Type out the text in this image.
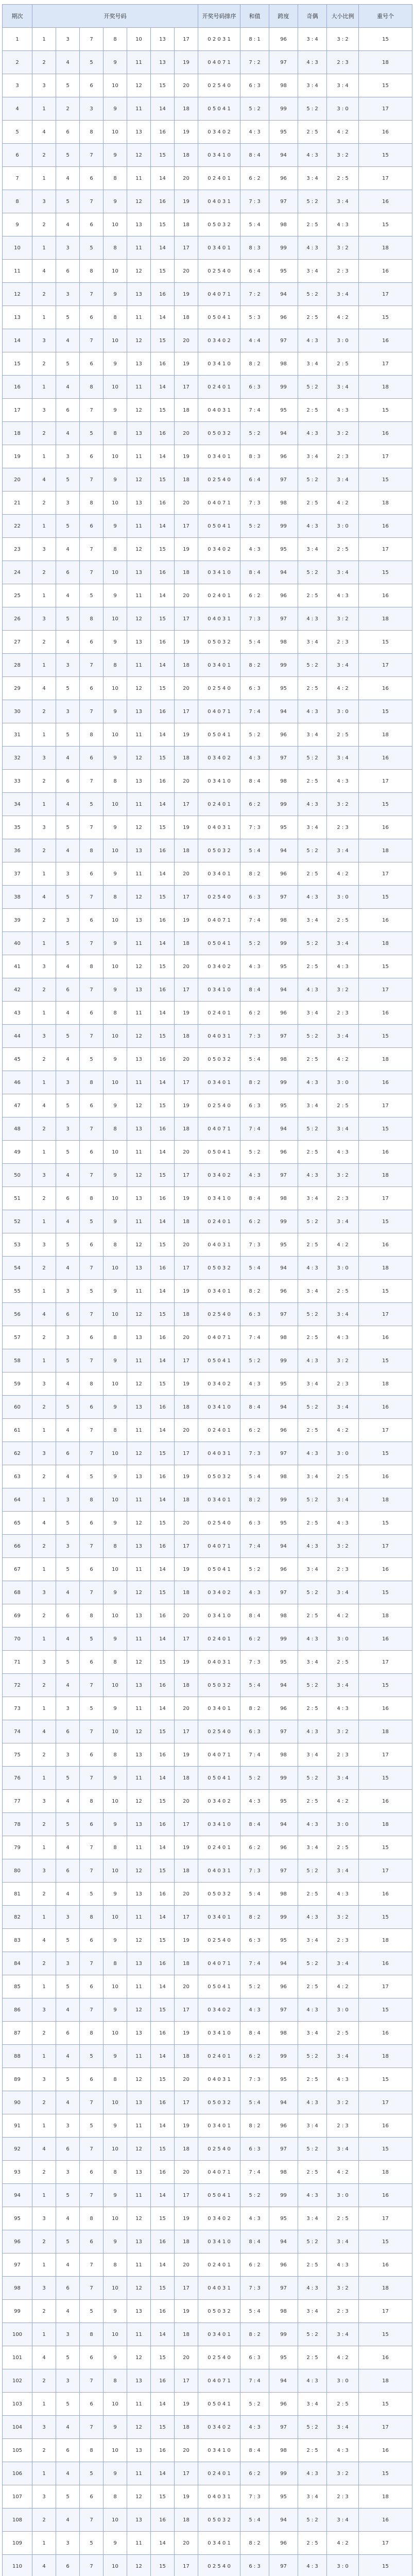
期次	开奖号码							开奖号码排序	和值	跨度	奇偶	大小比例	重号个
1	1	3	7	8	10	13	17	0 2 0 3 1	8 : 1	96	3 : 4	3 : 2	15
2	2	4	5	9	11	13	19	0 4 0 7 1	7 : 2	97	4 : 3	2 : 3	18
3	3	5	6	10	12	15	20	0 2 5 4 0	6 : 3	98	3 : 4	3 : 4	15
4	1	2	3	9	11	14	18	0 5 0 4 1	5 : 2	99	5 : 2	3 : 0	17
5	4	6	8	10	13	16	19	0 3 4 0 2	4 : 3	95	2 : 5	4 : 2	16
6	2	5	7	9	12	15	18	0 3 4 1 0	8 : 4	94	4 : 3	3 : 2	15
7	1	4	6	8	11	14	20	0 2 4 0 1	6 : 2	96	3 : 4	2 : 5	17
8	3	5	7	9	12	16	19	0 4 0 3 1	7 : 3	97	5 : 2	3 : 4	16
9	2	4	6	10	13	15	18	0 5 0 3 2	5 : 4	98	2 : 5	4 : 3	15
10	1	3	5	8	11	14	17	0 3 4 0 1	8 : 3	99	4 : 3	3 : 2	18
11	4	6	8	10	12	15	20	0 2 5 4 0	6 : 4	95	3 : 4	2 : 3	16
12	2	3	7	9	13	16	19	0 4 0 7 1	7 : 2	94	5 : 2	3 : 4	17
13	1	5	6	8	11	14	18	0 5 0 4 1	5 : 3	96	2 : 5	4 : 2	15
14	3	4	7	10	12	15	20	0 3 4 0 2	4 : 4	97	4 : 3	3 : 0	16
15	2	5	6	9	13	16	19	0 3 4 1 0	8 : 2	98	3 : 4	2 : 5	17
16	1	4	8	10	11	14	17	0 2 4 0 1	6 : 3	99	5 : 2	3 : 4	18
17	3	6	7	9	12	15	18	0 4 0 3 1	7 : 4	95	2 : 5	4 : 3	15
18	2	4	5	8	13	16	20	0 5 0 3 2	5 : 2	94	4 : 3	3 : 2	16
19	1	3	6	10	11	14	19	0 3 4 0 1	8 : 3	96	3 : 4	2 : 3	17
20	4	5	7	9	12	15	18	0 2 5 4 0	6 : 4	97	5 : 2	3 : 4	15
21	2	3	8	10	13	16	20	0 4 0 7 1	7 : 3	98	2 : 5	4 : 2	18
22	1	5	6	9	11	14	17	0 5 0 4 1	5 : 2	99	4 : 3	3 : 0	16
23	3	4	7	8	12	15	19	0 3 4 0 2	4 : 3	95	3 : 4	2 : 5	17
24	2	6	7	10	13	16	18	0 3 4 1 0	8 : 4	94	5 : 2	3 : 4	15
25	1	4	5	9	11	14	20	0 2 4 0 1	6 : 2	96	2 : 5	4 : 3	16
26	3	5	8	10	12	15	17	0 4 0 3 1	7 : 3	97	4 : 3	3 : 2	18
27	2	4	6	9	13	16	19	0 5 0 3 2	5 : 4	98	3 : 4	2 : 3	15
28	1	3	7	8	11	14	18	0 3 4 0 1	8 : 2	99	5 : 2	3 : 4	17
29	4	5	6	10	12	15	20	0 2 5 4 0	6 : 3	95	2 : 5	4 : 2	16
30	2	3	7	9	13	16	17	0 4 0 7 1	7 : 4	94	4 : 3	3 : 0	15
31	1	5	8	10	11	14	19	0 5 0 4 1	5 : 2	96	3 : 4	2 : 5	18
32	3	4	6	9	12	15	18	0 3 4 0 2	4 : 3	97	5 : 2	3 : 4	16
33	2	6	7	8	13	16	20	0 3 4 1 0	8 : 4	98	2 : 5	4 : 3	17
34	1	4	5	10	11	14	17	0 2 4 0 1	6 : 2	99	4 : 3	3 : 2	15
35	3	5	7	9	12	15	19	0 4 0 3 1	7 : 3	95	3 : 4	2 : 3	16
36	2	4	8	10	13	16	18	0 5 0 3 2	5 : 4	94	5 : 2	3 : 4	18
37	1	3	6	9	11	14	20	0 3 4 0 1	8 : 2	96	2 : 5	4 : 2	17
38	4	5	7	8	12	15	17	0 2 5 4 0	6 : 3	97	4 : 3	3 : 0	15
39	2	3	6	10	13	16	19	0 4 0 7 1	7 : 4	98	3 : 4	2 : 5	16
40	1	5	7	9	11	14	18	0 5 0 4 1	5 : 2	99	5 : 2	3 : 4	18
41	3	4	8	10	12	15	20	0 3 4 0 2	4 : 3	95	2 : 5	4 : 3	15
42	2	6	7	9	13	16	17	0 3 4 1 0	8 : 4	94	4 : 3	3 : 2	17
43	1	4	6	8	11	14	19	0 2 4 0 1	6 : 2	96	3 : 4	2 : 3	16
44	3	5	7	10	12	15	18	0 4 0 3 1	7 : 3	97	5 : 2	3 : 4	15
45	2	4	5	9	13	16	20	0 5 0 3 2	5 : 4	98	2 : 5	4 : 2	18
46	1	3	8	10	11	14	17	0 3 4 0 1	8 : 2	99	4 : 3	3 : 0	16
47	4	5	6	9	12	15	19	0 2 5 4 0	6 : 3	95	3 : 4	2 : 5	17
48	2	3	7	8	13	16	18	0 4 0 7 1	7 : 4	94	5 : 2	3 : 4	15
49	1	5	6	10	11	14	20	0 5 0 4 1	5 : 2	96	2 : 5	4 : 3	16
50	3	4	7	9	12	15	17	0 3 4 0 2	4 : 3	97	4 : 3	3 : 2	18
51	2	6	8	10	13	16	19	0 3 4 1 0	8 : 4	98	3 : 4	2 : 3	17
52	1	4	5	9	11	14	18	0 2 4 0 1	6 : 2	99	5 : 2	3 : 4	15
53	3	5	6	8	12	15	20	0 4 0 3 1	7 : 3	95	2 : 5	4 : 2	16
54	2	4	7	10	13	16	17	0 5 0 3 2	5 : 4	94	4 : 3	3 : 0	18
55	1	3	5	9	11	14	19	0 3 4 0 1	8 : 2	96	3 : 4	2 : 5	15
56	4	6	7	10	12	15	18	0 2 5 4 0	6 : 3	97	5 : 2	3 : 4	17
57	2	3	6	8	13	16	20	0 4 0 7 1	7 : 4	98	2 : 5	4 : 3	16
58	1	5	7	9	11	14	17	0 5 0 4 1	5 : 2	99	4 : 3	3 : 2	15
59	3	4	8	10	12	15	19	0 3 4 0 2	4 : 3	95	3 : 4	2 : 3	18
60	2	5	6	9	13	16	18	0 3 4 1 0	8 : 4	94	5 : 2	3 : 4	16
61	1	4	7	8	11	14	20	0 2 4 0 1	6 : 2	96	2 : 5	4 : 2	17
62	3	6	7	10	12	15	17	0 4 0 3 1	7 : 3	97	4 : 3	3 : 0	15
63	2	4	5	9	13	16	19	0 5 0 3 2	5 : 4	98	3 : 4	2 : 5	16
64	1	3	8	10	11	14	18	0 3 4 0 1	8 : 2	99	5 : 2	3 : 4	18
65	4	5	6	9	12	15	20	0 2 5 4 0	6 : 3	95	2 : 5	4 : 3	15
66	2	3	7	8	13	16	17	0 4 0 7 1	7 : 4	94	4 : 3	3 : 2	17
67	1	5	6	10	11	14	19	0 5 0 4 1	5 : 2	96	3 : 4	2 : 3	16
68	3	4	7	9	12	15	18	0 3 4 0 2	4 : 3	97	5 : 2	3 : 4	15
69	2	6	8	10	13	16	20	0 3 4 1 0	8 : 4	98	2 : 5	4 : 2	18
70	1	4	5	9	11	14	17	0 2 4 0 1	6 : 2	99	4 : 3	3 : 0	16
71	3	5	6	8	12	15	19	0 4 0 3 1	7 : 3	95	3 : 4	2 : 5	17
72	2	4	7	10	13	16	18	0 5 0 3 2	5 : 4	94	5 : 2	3 : 4	15
73	1	3	5	9	11	14	20	0 3 4 0 1	8 : 2	96	2 : 5	4 : 3	16
74	4	6	7	10	12	15	17	0 2 5 4 0	6 : 3	97	4 : 3	3 : 2	18
75	2	3	6	8	13	16	19	0 4 0 7 1	7 : 4	98	3 : 4	2 : 3	17
76	1	5	7	9	11	14	18	0 5 0 4 1	5 : 2	99	5 : 2	3 : 4	15
77	3	4	8	10	12	15	20	0 3 4 0 2	4 : 3	95	2 : 5	4 : 2	16
78	2	5	6	9	13	16	17	0 3 4 1 0	8 : 4	94	4 : 3	3 : 0	18
79	1	4	7	8	11	14	19	0 2 4 0 1	6 : 2	96	3 : 4	2 : 5	15
80	3	6	7	10	12	15	18	0 4 0 3 1	7 : 3	97	5 : 2	3 : 4	17
81	2	4	5	9	13	16	20	0 5 0 3 2	5 : 4	98	2 : 5	4 : 3	16
82	1	3	8	10	11	14	17	0 3 4 0 1	8 : 2	99	4 : 3	3 : 2	15
83	4	5	6	9	12	15	19	0 2 5 4 0	6 : 3	95	3 : 4	2 : 3	18
84	2	3	7	8	13	16	18	0 4 0 7 1	7 : 4	94	5 : 2	3 : 4	16
85	1	5	6	10	11	14	20	0 5 0 4 1	5 : 2	96	2 : 5	4 : 2	17
86	3	4	7	9	12	15	17	0 3 4 0 2	4 : 3	97	4 : 3	3 : 0	15
87	2	6	8	10	13	16	19	0 3 4 1 0	8 : 4	98	3 : 4	2 : 5	16
88	1	4	5	9	11	14	18	0 2 4 0 1	6 : 2	99	5 : 2	3 : 4	18
89	3	5	6	8	12	15	20	0 4 0 3 1	7 : 3	95	2 : 5	4 : 3	15
90	2	4	7	10	13	16	17	0 5 0 3 2	5 : 4	94	4 : 3	3 : 2	17
91	1	3	5	9	11	14	19	0 3 4 0 1	8 : 2	96	3 : 4	2 : 3	16
92	4	6	7	10	12	15	18	0 2 5 4 0	6 : 3	97	5 : 2	3 : 4	15
93	2	3	6	8	13	16	20	0 4 0 7 1	7 : 4	98	2 : 5	4 : 2	18
94	1	5	7	9	11	14	17	0 5 0 4 1	5 : 2	99	4 : 3	3 : 0	16
95	3	4	8	10	12	15	19	0 3 4 0 2	4 : 3	95	3 : 4	2 : 5	17
96	2	5	6	9	13	16	18	0 3 4 1 0	8 : 4	94	5 : 2	3 : 4	15
97	1	4	7	8	11	14	20	0 2 4 0 1	6 : 2	96	2 : 5	4 : 3	16
98	3	6	7	10	12	15	17	0 4 0 3 1	7 : 3	97	4 : 3	3 : 2	18
99	2	4	5	9	13	16	19	0 5 0 3 2	5 : 4	98	3 : 4	2 : 3	17
100	1	3	8	10	11	14	18	0 3 4 0 1	8 : 2	99	5 : 2	3 : 4	15
101	4	5	6	9	12	15	20	0 2 5 4 0	6 : 3	95	2 : 5	4 : 2	16
102	2	3	7	8	13	16	17	0 4 0 7 1	7 : 4	94	4 : 3	3 : 0	18
103	1	5	6	10	11	14	19	0 5 0 4 1	5 : 2	96	3 : 4	2 : 5	15
104	3	4	7	9	12	15	18	0 3 4 0 2	4 : 3	97	5 : 2	3 : 4	17
105	2	6	8	10	13	16	20	0 3 4 1 0	8 : 4	98	2 : 5	4 : 3	16
106	1	4	5	9	11	14	17	0 2 4 0 1	6 : 2	99	4 : 3	3 : 2	15
107	3	5	6	8	12	15	19	0 4 0 3 1	7 : 3	95	3 : 4	2 : 3	18
108	2	4	7	10	13	16	18	0 5 0 3 2	5 : 4	94	5 : 2	3 : 4	16
109	1	3	5	9	11	14	20	0 3 4 0 1	8 : 2	96	2 : 5	4 : 2	17
110	4	6	7	10	12	15	17	0 2 5 4 0	6 : 3	97	4 : 3	3 : 0	15
